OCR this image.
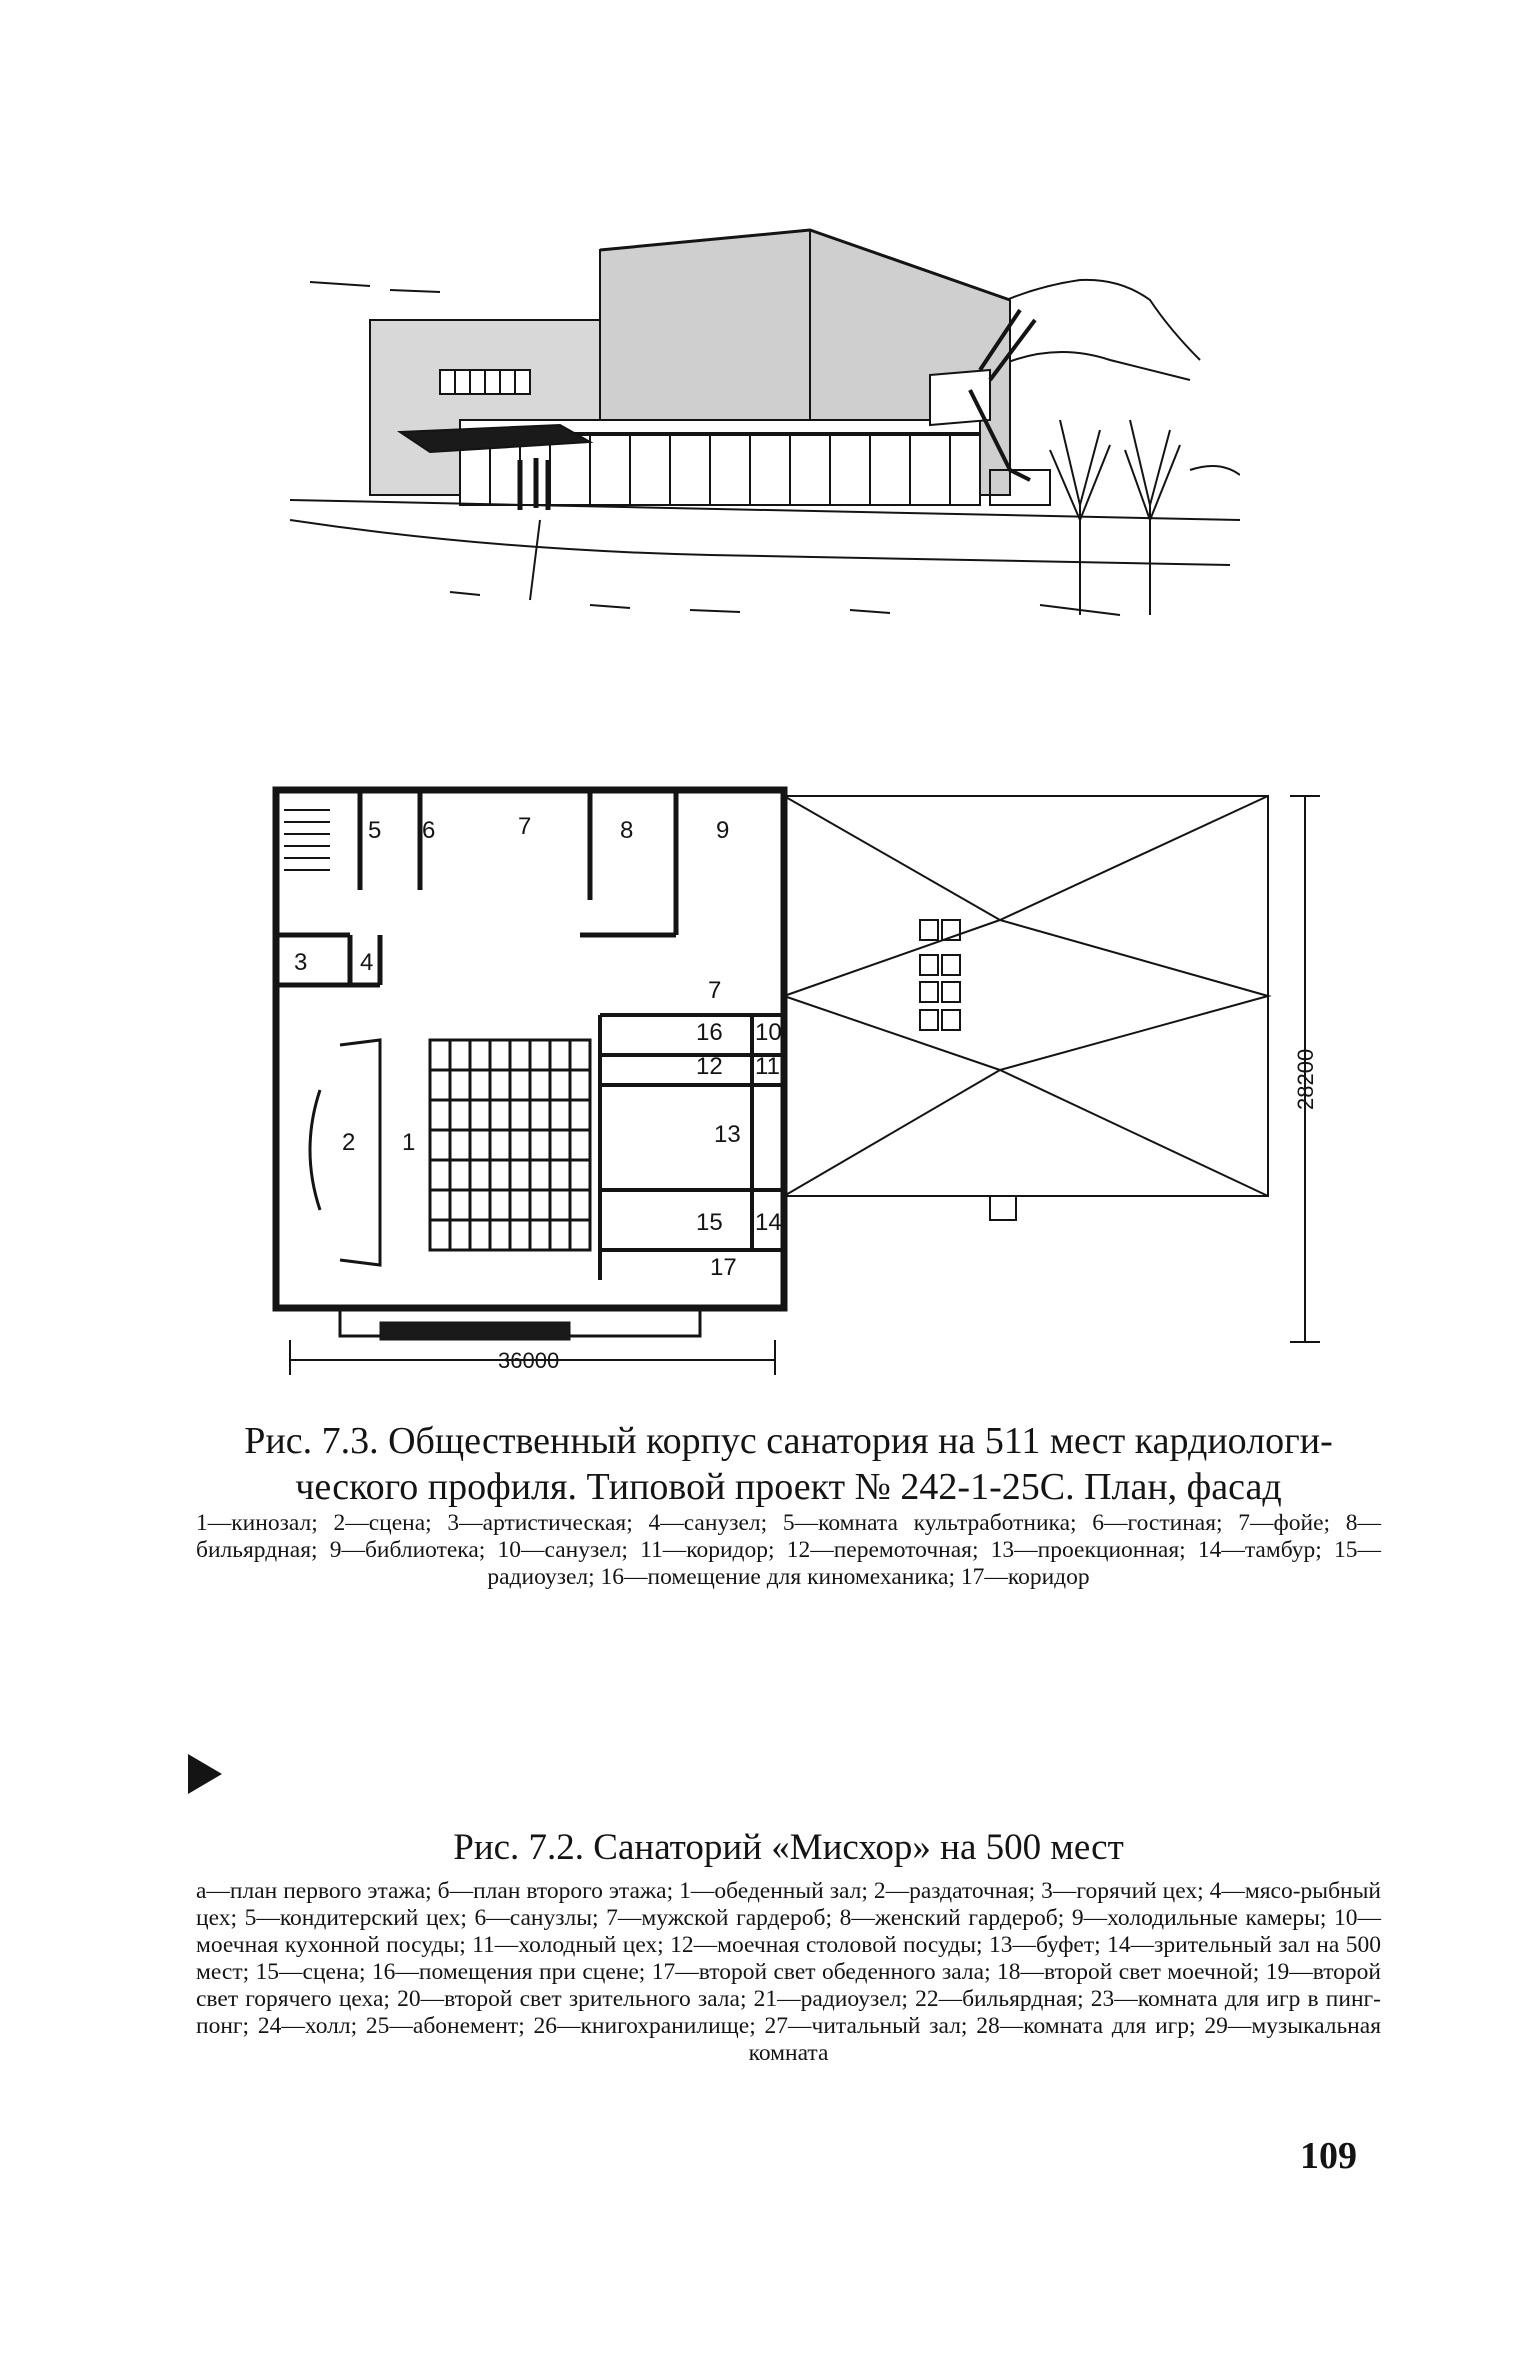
1
2
3 4
5 6	7	8	9
7
16 10
12 11
13
15 14
17
36000
28200
Рис. 7.3. Общественный корпус санатория на 511 мест кардиологи-
ческого профиля. Типовой проект № 242-1-25С. План, фасад
1—кинозал; 2—сцена; 3—артистическая; 4—санузел; 5—комната культработника; 6—гостиная; 7—фойе; 8—бильярдная; 9—библиотека; 10—санузел; 11—коридор; 12—перемоточная; 13—проекционная; 14—тамбур; 15—радиоузел; 16—помещение для киномеханика; 17—коридор
Рис. 7.2. Санаторий «Мисхор» на 500 мест
а—план первого этажа; б—план второго этажа; 1—обеденный зал; 2—раздаточная; 3—горячий цех; 4—мясо-рыбный цех; 5—кондитерский цех; 6—санузлы; 7—мужской гардероб; 8—женский гардероб; 9—холодильные камеры; 10—моечная кухонной посуды; 11—холодный цех; 12—моечная столовой посуды; 13—буфет; 14—зрительный зал на 500 мест; 15—сцена; 16—помещения при сцене; 17—второй свет обеденного зала; 18—второй свет моечной; 19—второй свет горячего цеха; 20—второй свет зрительного зала; 21—радиоузел; 22—бильярдная; 23—комната для игр в пинг-понг; 24—холл; 25—абонемент; 26—книгохранилище; 27—читальный зал; 28—комната для игр; 29—музыкальная комната
109
